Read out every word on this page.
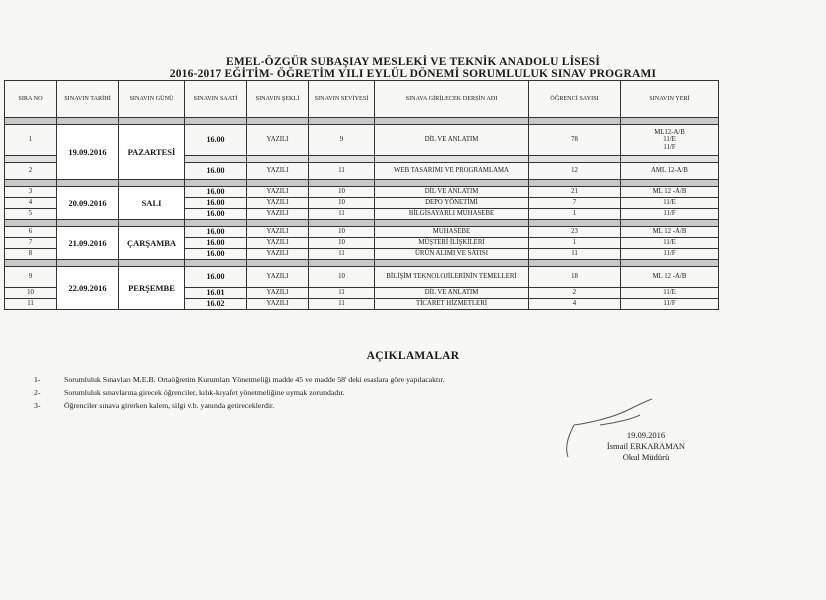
EMEL-ÖZGÜR SUBAŞIAY MESLEKİ VE TEKNİK ANADOLU LİSESİ
2016-2017 EĞİTİM- ÖĞRETİM YILI EYLÜL DÖNEMİ SORUMLULUK SINAV PROGRAMI
SIRA NO	SINAVIN TARİHİ	SINAVIN GÜNÜ	SINAVIN SAATİ	SINAVIN ŞEKLİ	SINAVIN SEVİYESİ	SINAVA GİRİLECEK DERSİN ADI	ÖĞRENCİ SAYISI	SINAVIN YERİ

1	19.09.2016	PAZARTESİ	16.00	YAZILI	9	DİL VE ANLATIM	78	ML12-A/B
11/E
11/F

2			16.00	YAZILI	11	WEB TASARIMI VE PROGRAMLAMA	12	AML 12-A/B

3	20.09.2016	SALI	16.00	YAZILI	10	DİL VE ANLATIM	21	ML 12 -A/B
4			16.00	YAZILI	10	DEPO YÖNETİMİ	7	11/E
5			16.00	YAZILI	11	BİLGİSAYARLI MUHASEBE	1	11/F

6	21.09.2016	ÇARŞAMBA	16.00	YAZILI	10	MUHASEBE	23	ML 12 -A/B
7			16.00	YAZILI	10	MÜŞTERİ İLİŞKİLERİ	1	11/E
8			16.00	YAZILI	11	ÜRÜN ALIMI VE SATISI	11	11/F

9	22.09.2016	PERŞEMBE	16.00	YAZILI	10	BİLİŞİM TEKNOLOJİLERİNİN TEMELLERİ	18	ML 12 -A/B
10			16.01	YAZILI	11	DİL VE ANLATIM	2	11/E
11			16.02	YAZILI	11	TİCARET HİZMETLERİ	4	11/F
AÇIKLAMALAR
1-	Sorumluluk Sınavları M.E.B. Ortaöğretim Kurumları Yönetmeliği madde 45 ve madde 58' deki esaslara göre yapılacaktır.
2-	Sorumluluk sınavlarına girecek öğrenciler, kılık-kıyafet yönetmeliğine uymak zorundadır.
3-	Öğrenciler sınava girerken kalem, silgi v.b. yanında getireceklerdir.
19.09.2016
İsmail ERKARAMAN
Okul Müdürü
